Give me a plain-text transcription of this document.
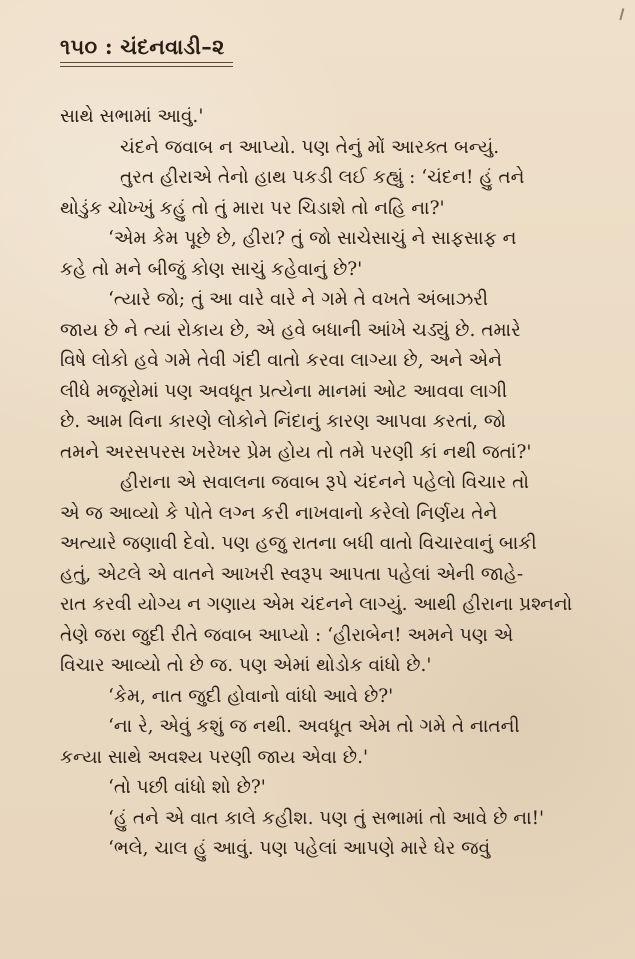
૧૫૦ : ચંદનવાડી–૨
સાથે સભામાં આવું.'
ચંદને જવાબ ન આપ્યો. પણ તેનું મોં આરક્ત બન્યું.
તુરત હીરાએ તેનો હાથ પકડી લઈ કહ્યું : ‘ચંદન! હું તને
થોડુંક ચોખ્ખું કહું તો તું મારા પર ચિડાશે તો નહિ ના?'
‘એમ કેમ પૂછે છે, હીરા? તું જો સાચેસાચું ને સાફસાફ ન
કહે તો મને બીજું કોણ સાચું કહેવાનું છે?'
‘ત્યારે જો; તું આ વારે વારે ને ગમે તે વખતે અંબાઝરી
જાય છે ને ત્યાં રોકાય છે, એ હવે બધાની આંખે ચડ્યું છે. તમારે
વિષે લોકો હવે ગમે તેવી ગંદી વાતો કરવા લાગ્યા છે, અને એને
લીધે મજૂરોમાં પણ અવધૂત પ્રત્યેના માનમાં ઓટ આવવા લાગી
છે. આમ વિના કારણે લોકોને નિંદાનું કારણ આપવા કરતાં, જો
તમને અરસપરસ ખરેખર પ્રેમ હોય તો તમે પરણી કાં નથી જતાં?'
હીરાના એ સવાલના જવાબ રૂપે ચંદનને પહેલો વિચાર તો
એ જ આવ્યો કે પોતે લગ્ન કરી નાખવાનો કરેલો નિર્ણય તેને
અત્યારે જણાવી દેવો. પણ હજુ રાતના બધી વાતો વિચારવાનું બાકી
હતું, એટલે એ વાતને આખરી સ્વરૂપ આપતા પહેલાં એની જાહે-
રાત કરવી યોગ્ય ન ગણાય એમ ચંદનને લાગ્યું. આથી હીરાના પ્રશ્નનો
તેણે જરા જુદી રીતે જવાબ આપ્યો : ‘હીરાબેન! અમને પણ એ
વિચાર આવ્યો તો છે જ. પણ એમાં થોડોક વાંધો છે.'
‘કેમ, નાત જુદી હોવાનો વાંધો આવે છે?'
‘ના રે, એવું કશું જ નથી. અવધૂત એમ તો ગમે તે નાતની
કન્યા સાથે અવશ્ય પરણી જાય એવા છે.'
‘તો પછી વાંધો શો છે?'
‘હું તને એ વાત કાલે કહીશ. પણ તું સભામાં તો આવે છે ના!'
‘ભલે, ચાલ હું આવું. પણ પહેલાં આપણે મારે ઘેર જવું
